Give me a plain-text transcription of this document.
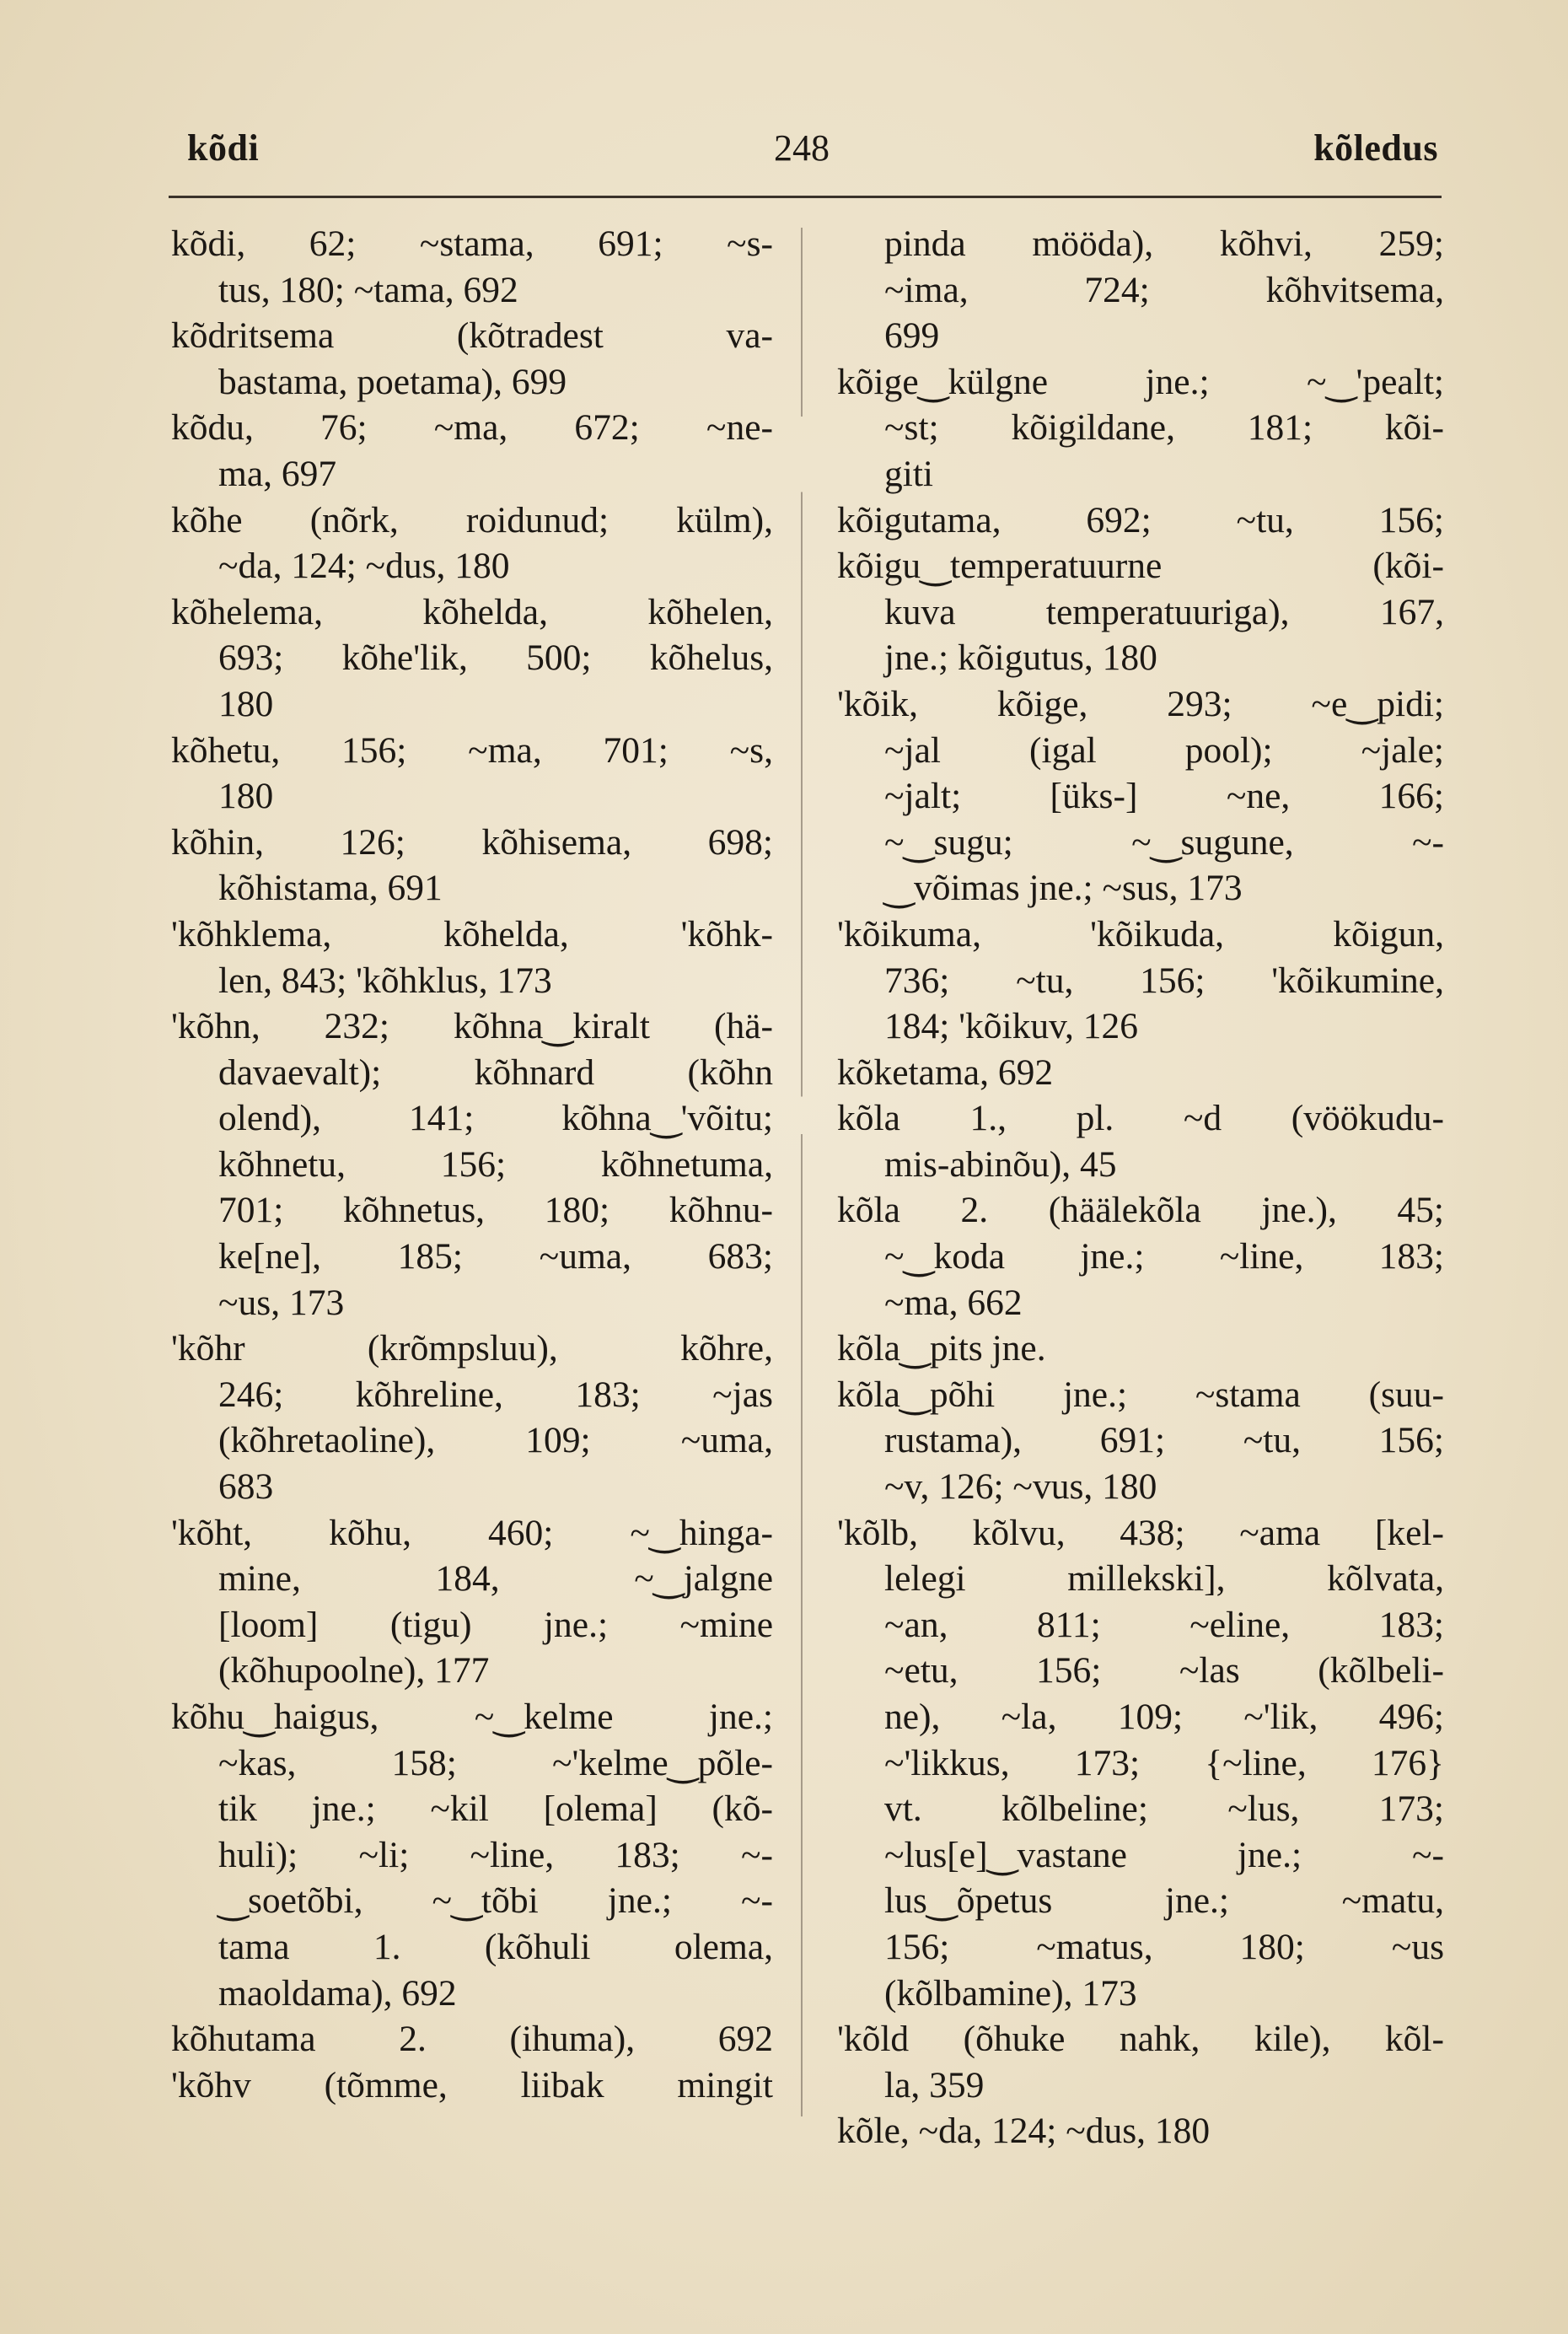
kõdi	248	kõledus
kõdi, 62; ~stama, 691; ~s-
tus, 180; ~tama, 692
kõdritsema (kõtradest va-
bastama, poetama), 699
kõdu, 76; ~ma, 672; ~ne-
ma, 697
kõhe (nõrk, roidunud; külm),
~da, 124; ~dus, 180
kõhelema, kõhelda, kõhelen,
693; kõhe'lik, 500; kõhelus,
180
kõhetu, 156; ~ma, 701; ~s,
180
kõhin, 126; kõhisema, 698;
kõhistama, 691
'kõhklema, kõhelda, 'kõhk-
len, 843; 'kõhklus, 173
'kõhn, 232; kõhna‿kiralt (hä-
davaevalt); kõhnard (kõhn
olend), 141; kõhna‿'võitu;
kõhnetu, 156; kõhnetuma,
701; kõhnetus, 180; kõhnu-
ke[ne], 185; ~uma, 683;
~us, 173
'kõhr (krõmpsluu), kõhre,
246; kõhreline, 183; ~jas
(kõhretaoline), 109; ~uma,
683
'kõht, kõhu, 460; ~‿hinga-
mine, 184, ~‿jalgne
[loom] (tigu) jne.; ~mine
(kõhupoolne), 177
kõhu‿haigus, ~‿kelme jne.;
~kas, 158; ~'kelme‿põle-
tik jne.; ~kil [olema] (kõ-
huli); ~li; ~line, 183; ~-
‿soetõbi, ~‿tõbi jne.; ~-
tama 1. (kõhuli olema,
maoldama), 692
kõhutama 2. (ihuma), 692
'kõhv (tõmme, liibak mingit
pinda mööda), kõhvi, 259;
~ima, 724; kõhvitsema,
699
kõige‿külgne jne.; ~‿'pealt;
~st; kõigildane, 181; kõi-
giti
kõigutama, 692; ~tu, 156;
kõigu‿temperatuurne (kõi-
kuva temperatuuriga), 167,
jne.; kõigutus, 180
'kõik, kõige, 293; ~e‿pidi;
~jal (igal pool); ~jale;
~jalt; [üks-] ~ne, 166;
~‿sugu; ~‿sugune, ~-
‿võimas jne.; ~sus, 173
'kõikuma, 'kõikuda, kõigun,
736; ~tu, 156; 'kõikumine,
184; 'kõikuv, 126
kõketama, 692
kõla 1., pl. ~d (vöökudu-
mis-abinõu), 45
kõla 2. (häälekõla jne.), 45;
~‿koda jne.; ~line, 183;
~ma, 662
kõla‿pits jne.
kõla‿põhi jne.; ~stama (suu-
rustama), 691; ~tu, 156;
~v, 126; ~vus, 180
'kõlb, kõlvu, 438; ~ama [kel-
lelegi millekski], kõlvata,
~an, 811; ~eline, 183;
~etu, 156; ~las (kõlbeli-
ne), ~la, 109; ~'lik, 496;
~'likkus, 173; {~line, 176}
vt. kõlbeline; ~lus, 173;
~lus[e]‿vastane jne.; ~-
lus‿õpetus jne.; ~matu,
156; ~matus, 180; ~us
(kõlbamine), 173
'kõld (õhuke nahk, kile), kõl-
la, 359
kõle, ~da, 124; ~dus, 180
